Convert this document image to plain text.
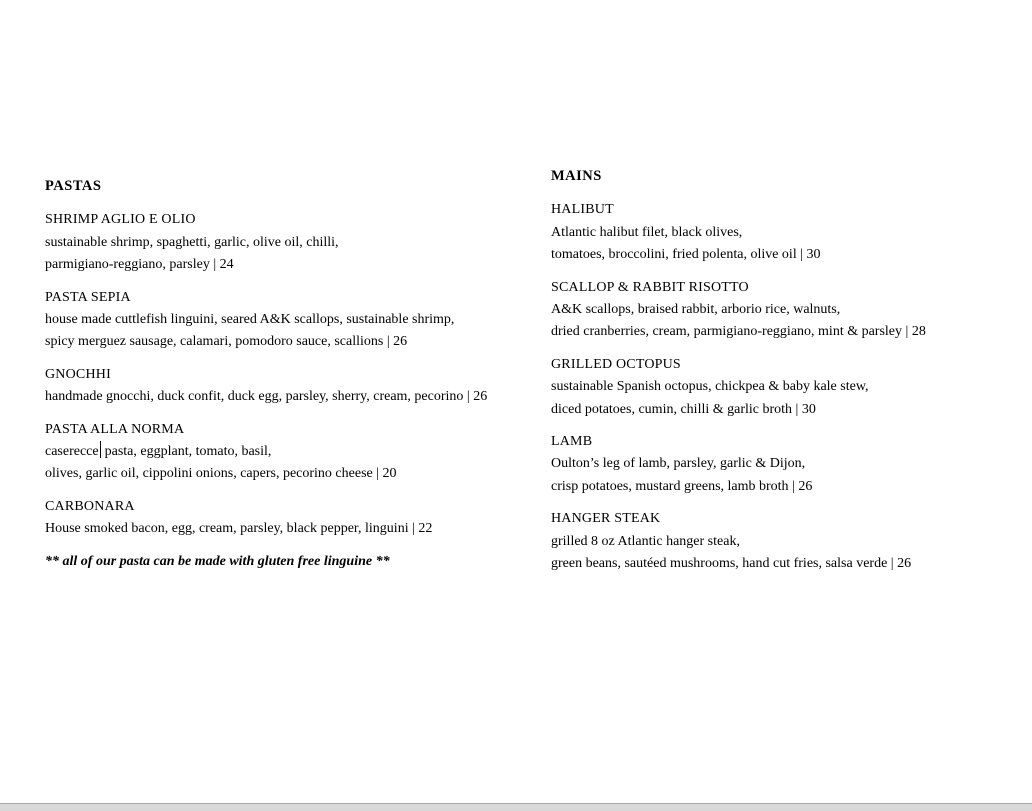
PASTAS
SHRIMP AGLIO E OLIO
sustainable shrimp, spaghetti, garlic, olive oil, chilli,
parmigiano-reggiano, parsley | 24
PASTA SEPIA
house made cuttlefish linguini, seared A&K scallops, sustainable shrimp,
spicy merguez sausage, calamari, pomodoro sauce, scallions | 26
GNOCHHI
handmade gnocchi, duck confit, duck egg, parsley, sherry, cream, pecorino | 26
PASTA ALLA NORMA
caserecce pasta, eggplant, tomato, basil,
olives, garlic oil, cippolini onions, capers, pecorino cheese | 20
CARBONARA
House smoked bacon, egg, cream, parsley, black pepper, linguini | 22

** all of our pasta can be made with gluten free linguine **

MAINS
HALIBUT
Atlantic halibut filet, black olives,
tomatoes, broccolini, fried polenta, olive oil | 30
SCALLOP & RABBIT RISOTTO
A&K scallops, braised rabbit, arborio rice, walnuts,
dried cranberries, cream, parmigiano-reggiano, mint & parsley | 28
GRILLED OCTOPUS
sustainable Spanish octopus, chickpea & baby kale stew,
diced potatoes, cumin, chilli & garlic broth | 30
LAMB
Oulton’s leg of lamb, parsley, garlic & Dijon,
crisp potatoes, mustard greens, lamb broth | 26
HANGER STEAK
grilled 8 oz Atlantic hanger steak,
green beans, sautéed mushrooms, hand cut fries, salsa verde | 26
